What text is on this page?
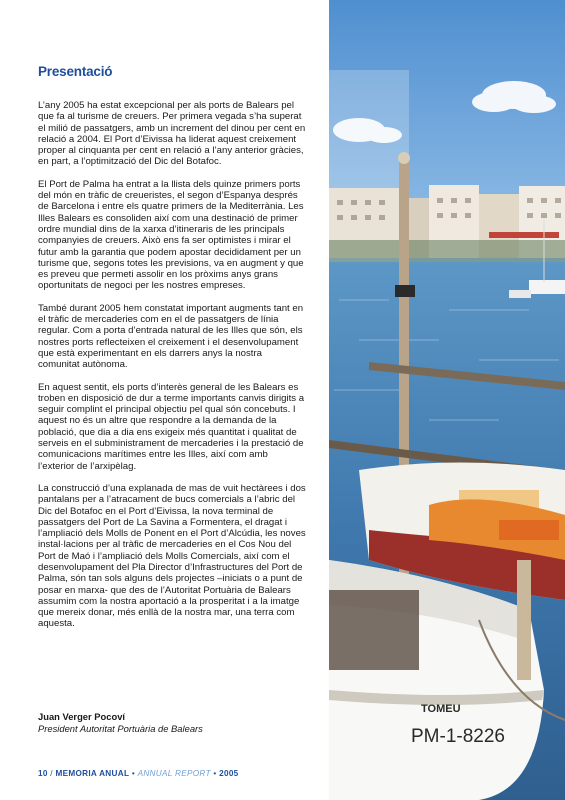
Presentació

L’any 2005 ha estat excepcional per als ports de Balears pel que fa al turisme de creuers. Per primera vegada s’ha superat el milió de passatgers, amb un increment del dinou per cent en relació a 2004. El Port d’Eivissa ha liderat aquest creixement proper al cinquanta per cent en relació a l’any anterior gràcies, en part, a l’optimització del Dic del Botafoc.

El Port de Palma ha entrat a la llista dels quinze primers ports del món en tràfic de creueristes, el segon d’Espanya després de Barcelona i entre els quatre primers de la Mediterrània. Les Illes Balears es consoliden així com una destinació de primer ordre mundial dins de la xarxa d’itineraris de les principals companyies de creuers. Això ens fa ser optimistes i mirar el futur amb la garantia que podem apostar decididament per un turisme que, segons totes les previsions, va en augment y que es preveu que permeti assolir en los pròxims anys grans oportunitats de negoci per les nostres empreses.

També durant 2005 hem constatat important augments tant en el tràfic de mercaderies com en el de passatgers de línia regular. Com a porta d’entrada natural de les Illes que són, els nostres ports reflecteixen el creixement i el desenvolupament que està experimentant en els darrers anys la nostra comunitat autònoma.

En aquest sentit, els ports d’interès general de les Balears es troben en disposició de dur a terme importants canvis dirigits a seguir complint el principal objectiu pel qual són concebuts. I aquest no és un altre que respondre a la demanda de la població, que dia a dia ens exigeix més quantitat i qualitat de serveis en el subministrament de mercaderies i la prestació de comunicacions marítimes entre les Illes, així com amb l’exterior de l’arxipèlag.

La construcció d’una explanada de mas de vuit hectàrees i dos pantalans per a l’atracament de bucs comercials a l’abric del Dic del Botafoc en el Port d’Eivissa, la nova terminal de passatgers del Port de La Savina a Formentera, el dragat i l’ampliació dels Molls de Ponent en el Port d’Alcúdia, les noves instal·lacions per al tràfic de mercaderies en el Cos Nou del Port de Maó i l’ampliació dels Molls Comercials, així com el desenvolupament del Pla Director d’Infrastructures del Port de Palma, són tan sols alguns dels projectes –iniciats o a punt de posar en marxa- que des de l’Autoritat Portuària de Balears assumim com la nostra aportació a la prosperitat i a la imatge que mereix donar, més enllà de la nostra mar, una terra com aquesta.

Juan Verger Pocoví
President Autoritat Portuària de Balears
10 / MEMORIA ANUAL • ANNUAL REPORT • 2005
TOMEU
PM-1-8226
